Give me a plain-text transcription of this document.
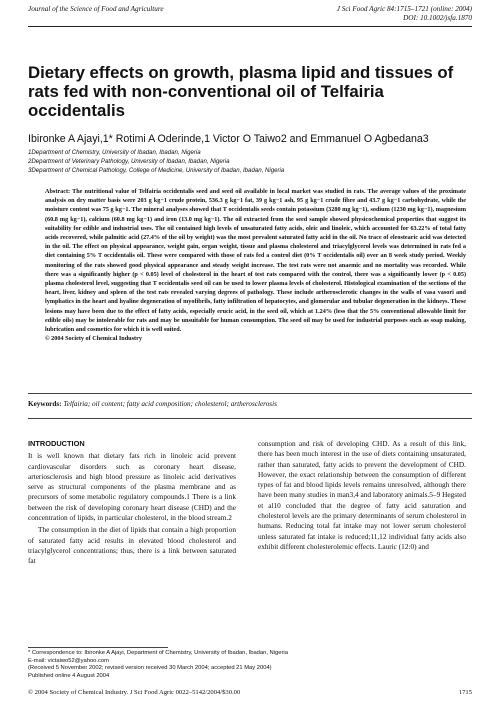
Journal of the Science of Food and Agriculture	J Sci Food Agric 84:1715–1721 (online: 2004)
DOI: 10.1002/jsfa.1870
Dietary effects on growth, plasma lipid and tissues of rats fed with non-conventional oil of Telfairia occidentalis
Ibironke A Ajayi,1* Rotimi A Oderinde,1 Victor O Taiwo2 and Emmanuel O Agbedana3
1Department of Chemistry, University of Ibadan, Ibadan, Nigeria
2Department of Veterinary Pathology, University of Ibadan, Ibadan, Nigeria
3Department of Chemical Pathology, College of Medicine, University of Ibadan, Ibadan, Nigeria
Abstract: The nutritional value of Telfairia occidentalis seed and seed oil available in local market was studied in rats. The average values of the proximate analysis on dry matter basis were 203 g kg−1 crude protein, 536.3 g kg−1 fat, 39 g kg−1 ash, 95 g kg−1 crude fibre and 43.7 g kg−1 carbohydrate, while the moisture content was 75 g kg−1. The mineral analyses showed that T occidentalis seeds contain potassium (3280 mg kg−1), sodium (1230 mg kg−1), magnesium (60.8 mg kg−1), calcium (60.8 mg kg−1) and iron (13.0 mg kg−1). The oil extracted from the seed sample showed physicochemical properties that suggest its suitability for edible and industrial uses. The oil contained high levels of unsaturated fatty acids, oleic and linoleic, which accounted for 63.22% of total fatty acids recovered, while palmitic acid (27.4% of the oil by weight) was the most prevalent saturated fatty acid in the oil. No trace of eleostearic acid was detected in the oil. The effect on physical appearance, weight gain, organ weight, tissue and plasma cholesterol and triacylglycerol levels was determined in rats fed a diet containing 5% T occidentalis oil. These were compared with those of rats fed a control diet (0% T occidentalis oil) over an 8 week study period. Weekly monitoring of the rats showed good physical appearance and steady weight increase. The test rats were not anaemic and no mortality was recorded. While there was a significantly higher (p < 0.05) level of cholesterol in the heart of test rats compared with the control, there was a significantly lower (p < 0.05) plasma cholesterol level, suggesting that T occidentalis seed oil can be used to lower plasma levels of cholesterol. Histological examination of the sections of the heart, liver, kidney and spleen of the test rats revealed varying degrees of pathology. These include artherosclerotic changes in the walls of vasa vasori and lymphatics in the heart and hyaline degeneration of myofibrils, fatty infiltration of hepatocytes, and glomerular and tubular degeneration in the kidneys. These lesions may have been due to the effect of fatty acids, especially erucic acid, in the seed oil, which at 1.24% (less that the 5% conventional allowable limit for edible oils) may be intolerable for rats and may be unsuitable for human consumption. The seed oil may be used for industrial purposes such as soap making, lubrication and cosmetics for which it is well suited.
© 2004 Society of Chemical Industry
Keywords: Telfairia; oil content; fatty acid composition; cholesterol; artherosclerosis
INTRODUCTION

It is well known that dietary fats rich in linoleic acid prevent cardiovascular disorders such as coronary heart disease, arteriosclerosis and high blood pressure as linoleic acid derivatives serve as structural components of the plasma membrane and as precursors of some metabolic regulatory compounds.1 There is a link between the risk of developing coronary heart disease (CHD) and the concentration of lipids, in particular cholesterol, in the blood stream.2

The consumption in the diet of lipids that contain a high proportion of saturated fatty acid results in elevated blood cholesterol and triacylglycerol concentrations; thus, there is a link between saturated fat

consumption and risk of developing CHD. As a result of this link, there has been much interest in the use of diets containing unsaturated, rather than saturated, fatty acids to prevent the development of CHD. However, the exact relationship between the consumption of different types of fat and blood lipids levels remains unresolved, although there have been many studies in man3,4 and laboratory animals.5–9 Hegsted et al10 concluded that the degree of fatty acid saturation and cholesterol levels are the primary determinants of serum cholesterol in humans. Reducing total fat intake may not lower serum cholesterol unless saturated fat intake is reduced;11,12 individual fatty acids also exhibit different cholesterolemic effects. Lauric (12:0) and

* Correspondence to: Ibironke A Ajayi, Department of Chemistry, University of Ibadan, Ibadan, Nigeria
E-mail: victaiwo52@yahoo.com
(Received 5 November 2002; revised version received 30 March 2004; accepted 21 May 2004)
Published online 4 August 2004
© 2004 Society of Chemical Industry. J Sci Food Agric 0022–5142/2004/$30.00	1715
